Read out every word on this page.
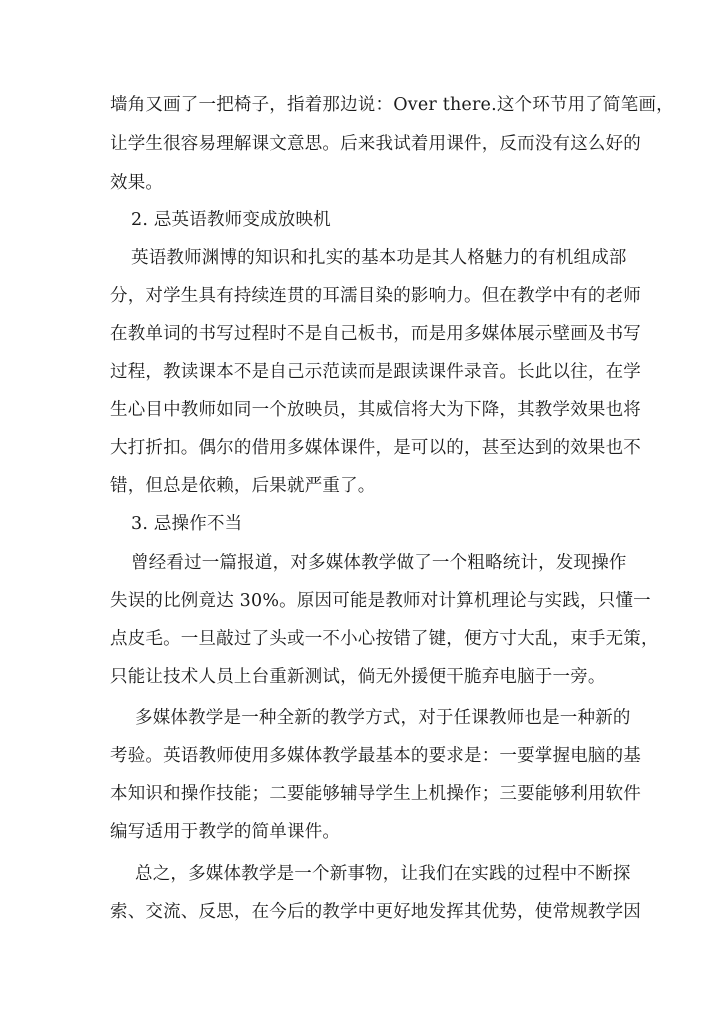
墙角又画了一把椅子，指着那边说：Over there.这个环节用了简笔画，
让学生很容易理解课文意思。后来我试着用课件，反而没有这么好的
效果。
2. 忌英语教师变成放映机
英语教师渊博的知识和扎实的基本功是其人格魅力的有机组成部
分，对学生具有持续连贯的耳濡目染的影响力。但在教学中有的老师
在教单词的书写过程时不是自己板书，而是用多媒体展示壁画及书写
过程，教读课本不是自己示范读而是跟读课件录音。长此以往，在学
生心目中教师如同一个放映员，其威信将大为下降，其教学效果也将
大打折扣。偶尔的借用多媒体课件，是可以的，甚至达到的效果也不
错，但总是依赖，后果就严重了。
3. 忌操作不当
曾经看过一篇报道，对多媒体教学做了一个粗略统计，发现操作
失误的比例竟达 30%。原因可能是教师对计算机理论与实践，只懂一
点皮毛。一旦敲过了头或一不小心按错了键，便方寸大乱，束手无策，
只能让技术人员上台重新测试，倘无外援便干脆弃电脑于一旁。
多媒体教学是一种全新的教学方式，对于任课教师也是一种新的
考验。英语教师使用多媒体教学最基本的要求是：一要掌握电脑的基
本知识和操作技能；二要能够辅导学生上机操作；三要能够利用软件
编写适用于教学的简单课件。
总之，多媒体教学是一个新事物，让我们在实践的过程中不断探
索、交流、反思，在今后的教学中更好地发挥其优势，使常规教学因
